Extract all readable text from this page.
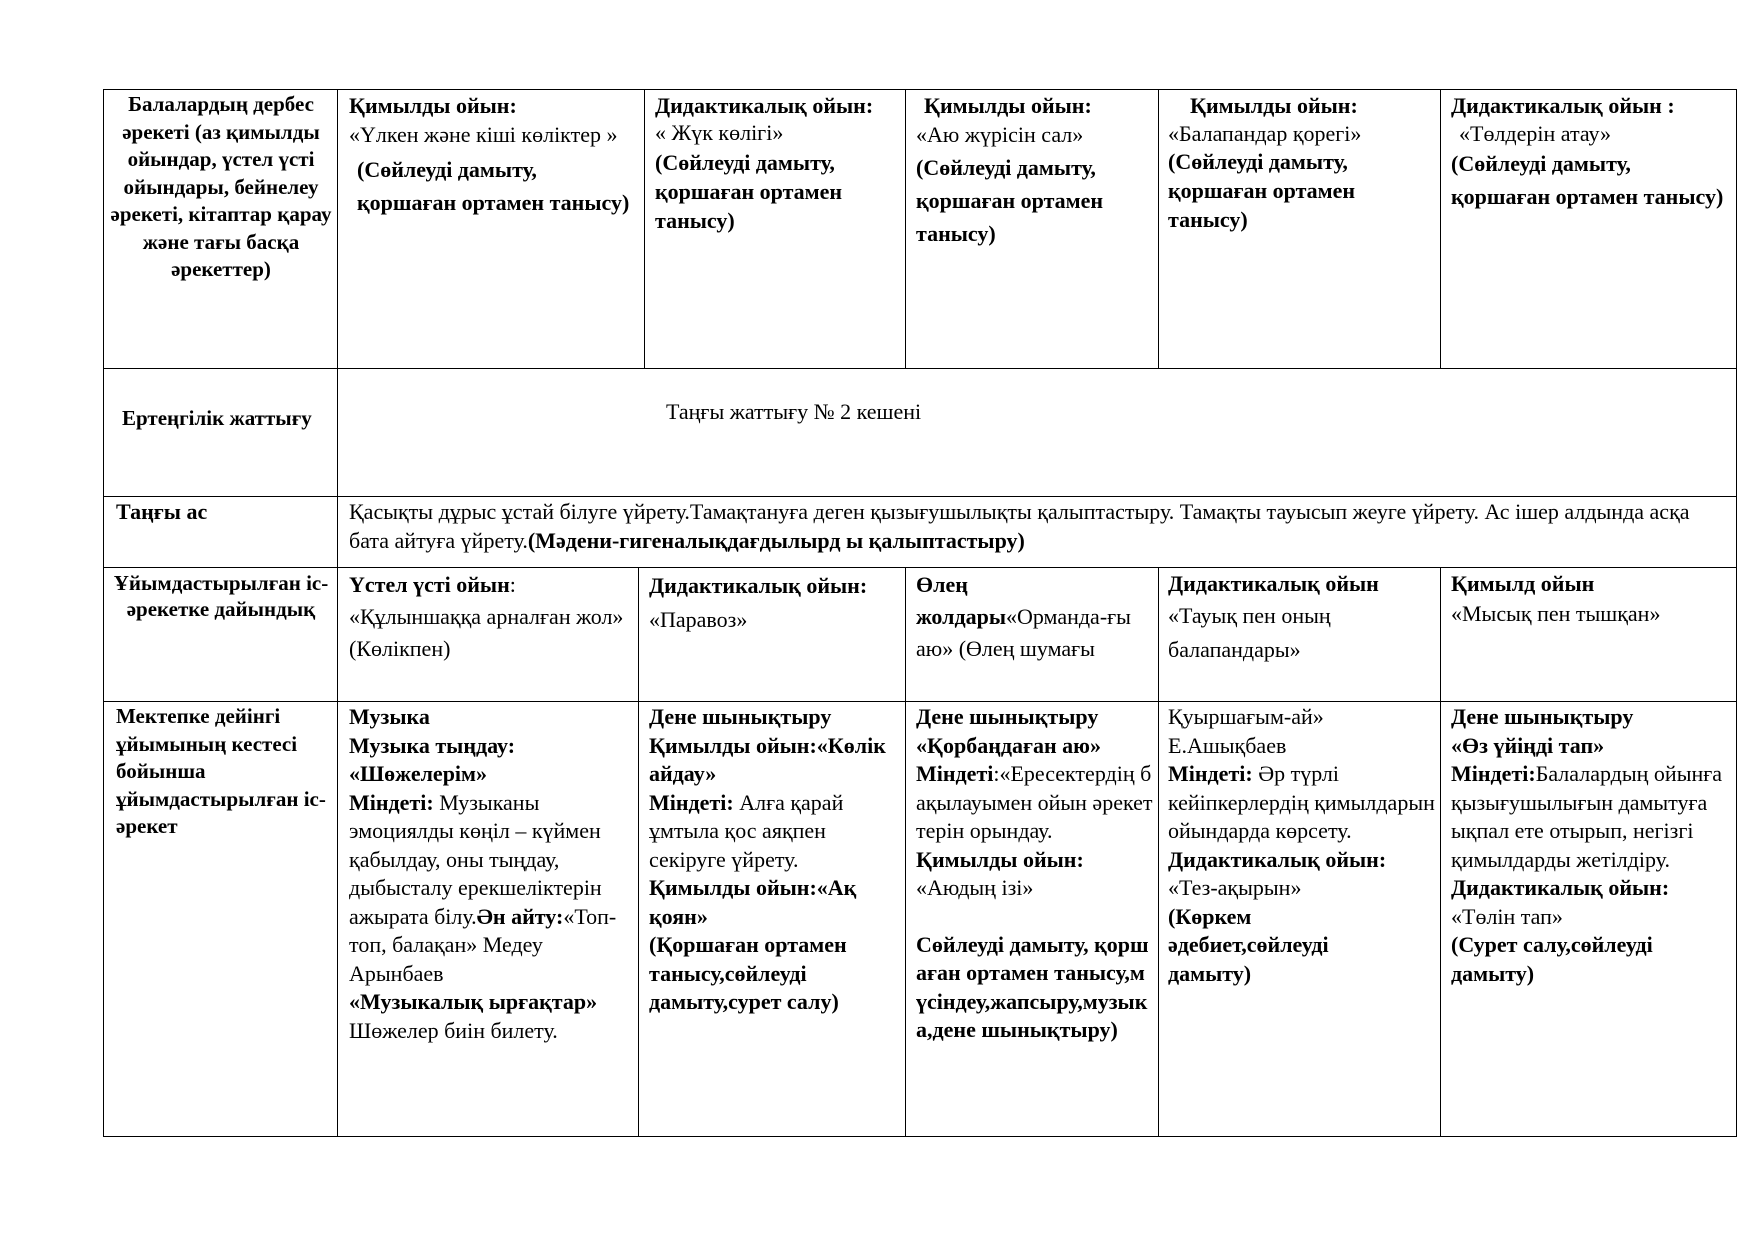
Балалардың дербес әрекеті (аз қимылды ойындар, үстел үсті ойындары, бейнелеу әрекеті, кітаптар қарау және тағы басқа әрекеттер)

Қимылды ойын:

«Үлкен және кіші көліктер »

(Сөйлеуді дамыту, қоршаған ортамен танысу)

Дидактикалық ойын:

« Жүк көлігі»

(Сөйлеуді дамыту, қоршаған ортамен танысу)

Қимылды ойын:

«Аю жүрісін сал»

(Сөйлеуді дамыту, қоршаған ортамен танысу)

Қимылды ойын:

«Балапандар қорегі»

(Сөйлеуді дамыту, қоршаған ортамен танысу)

Дидактикалық ойын :

«Төлдерін атау»

(Сөйлеуді дамыту, қоршаған ортамен танысу)

Ертеңгілік жаттығу	Таңғы жаттығу № 2 кешені
Таңғы ас	Қасықты дұрыс ұстай білуге үйрету.Тамақтануға деген қызығушылықты қалыптастыру. Тамақты тауысып жеуге үйрету. Ас ішер алдында асқа бата айтуға үйрету.(Мәдени-гигеналықдағдылырд ы қалыптастыру)
Ұйымдастырылған іс-әрекетке дайындық

Үстел үсті ойын:

«Құлыншаққа арналған жол» (Көлікпен)

Дидактикалық ойын:

«Паравоз»

Өлең жолдары«Орманда-ғы аю» (Өлең шумағы

Дидактикалық ойын

«Тауық пен оның балапандары»

Қимылд ойын

«Мысық пен тышқан»

Мектепке дейінгі ұйымының кестесі бойынша ұйымдастырылған іс-әрекет

Музыка

Музыка тыңдау:

«Шөжелерім»

Міндеті: Музыканы эмоциялды көңіл – күймен қабылдау, оны тыңдау, дыбысталу ерекшеліктерін ажырата білу.Ән айту:«Топ-топ, балақан» Медеу Арынбаев

«Музыкалық ырғақтар»

Шөжелер биін билету.

Дене шынықтыру

Қимылды ойын:«Көлік айдау»

Міндеті: Алға қарай ұмтыла қос аяқпен секіруге үйрету.

Қимылды ойын:«Ақ қоян»

(Қоршаған ортамен танысу,сөйлеуді дамыту,сурет салу)

Дене шынықтыру

«Қорбаңдаған аю»

Міндеті:«Ересектердің бақылауымен ойын әрекеттерін орындау.

Қимылды ойын:

«Аюдың ізі»

Сөйлеуді дамыту, қоршаған ортамен танысу,мүсіндеу,жапсыру,музыка,дене шынықтыру)

Қуыршағым-ай» Е.Ашықбаев

Міндеті: Әр түрлі кейіпкерлердің қимылдарын ойындарда көрсету.

Дидактикалық ойын:

«Тез-ақырын»

(Көркем әдебиет,сөйлеуді дамыту)

Дене шынықтыру

«Өз үйіңді тап»

Міндеті:Балалардың ойынға қызығушылығын дамытуға ықпал ете отырып, негізгі қимылдарды жетілдіру.

Дидактикалық ойын:

«Төлін тап»

(Сурет салу,сөйлеуді дамыту)
